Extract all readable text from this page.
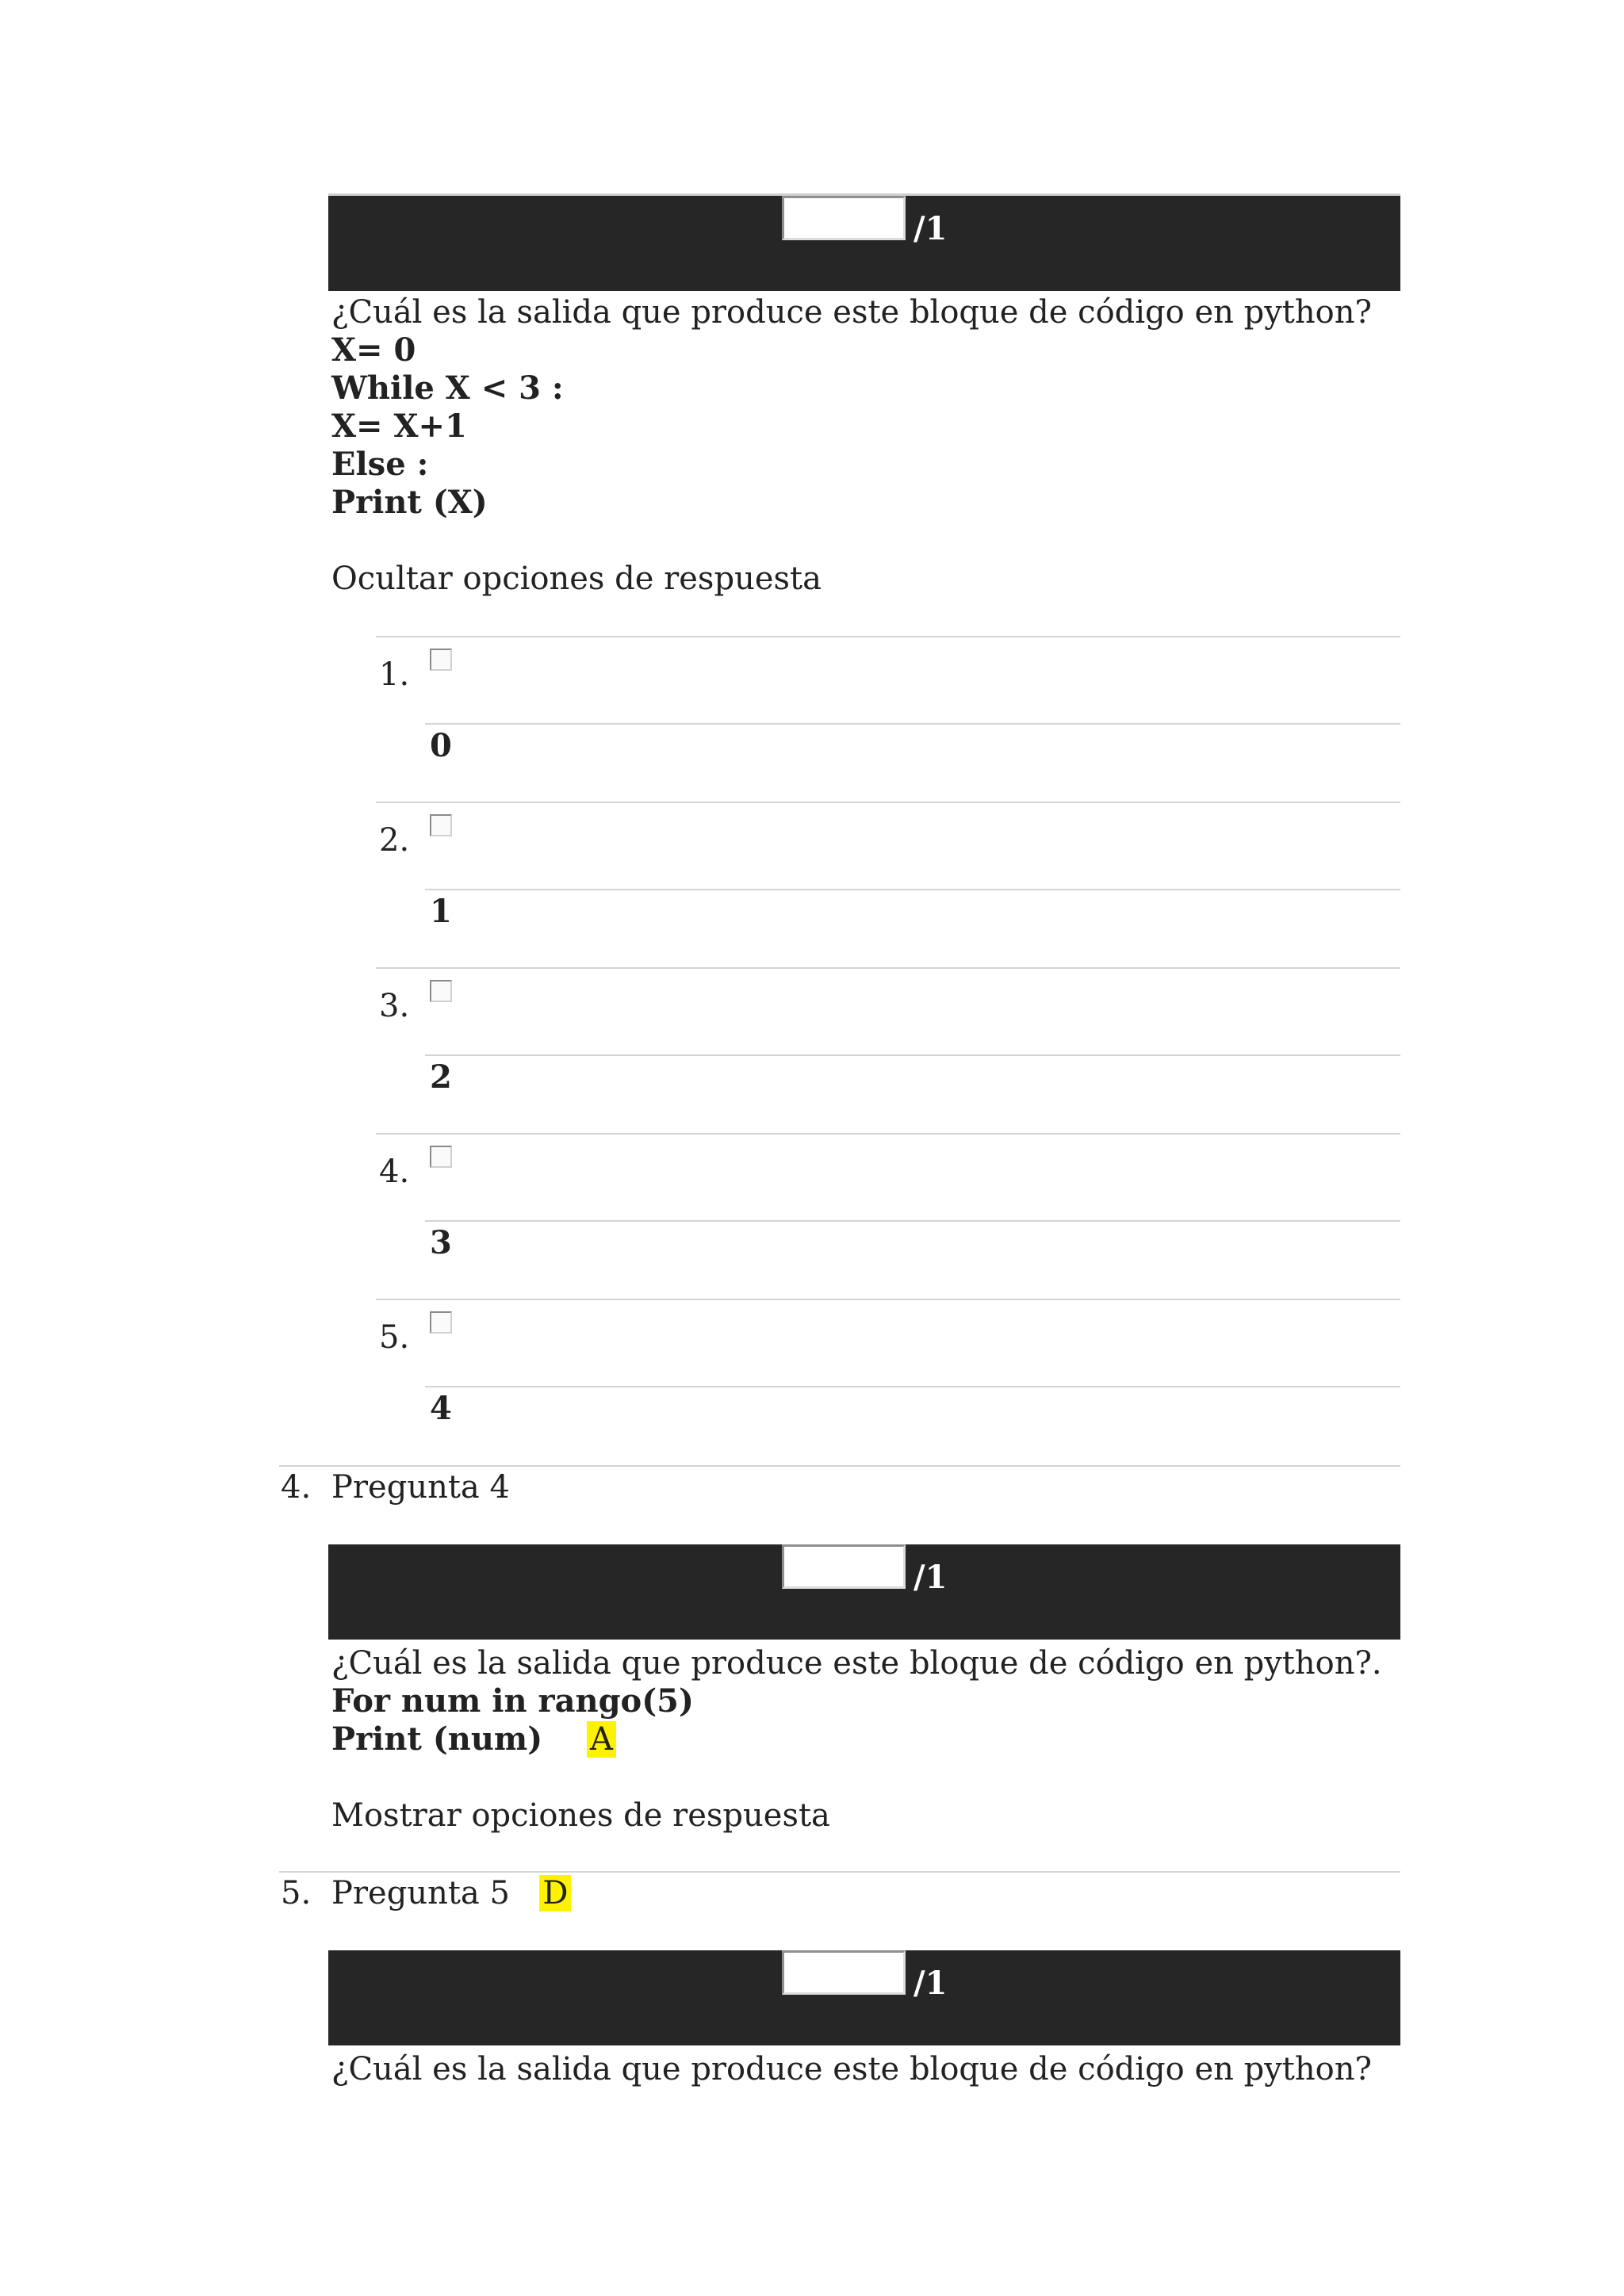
/1
¿Cuál es la salida que produce este bloque de código en python?
X= 0
While X < 3 :
X= X+1
Else :
Print (X)
Ocultar opciones de respuesta
1.
0
2.
1
3.
2
4.
3
5.
4
4. Pregunta 4
/1
¿Cuál es la salida que produce este bloque de código en python?.
For num in rango(5)
Print (num) A
Mostrar opciones de respuesta
5. Pregunta 5 D
/1
¿Cuál es la salida que produce este bloque de código en python?
